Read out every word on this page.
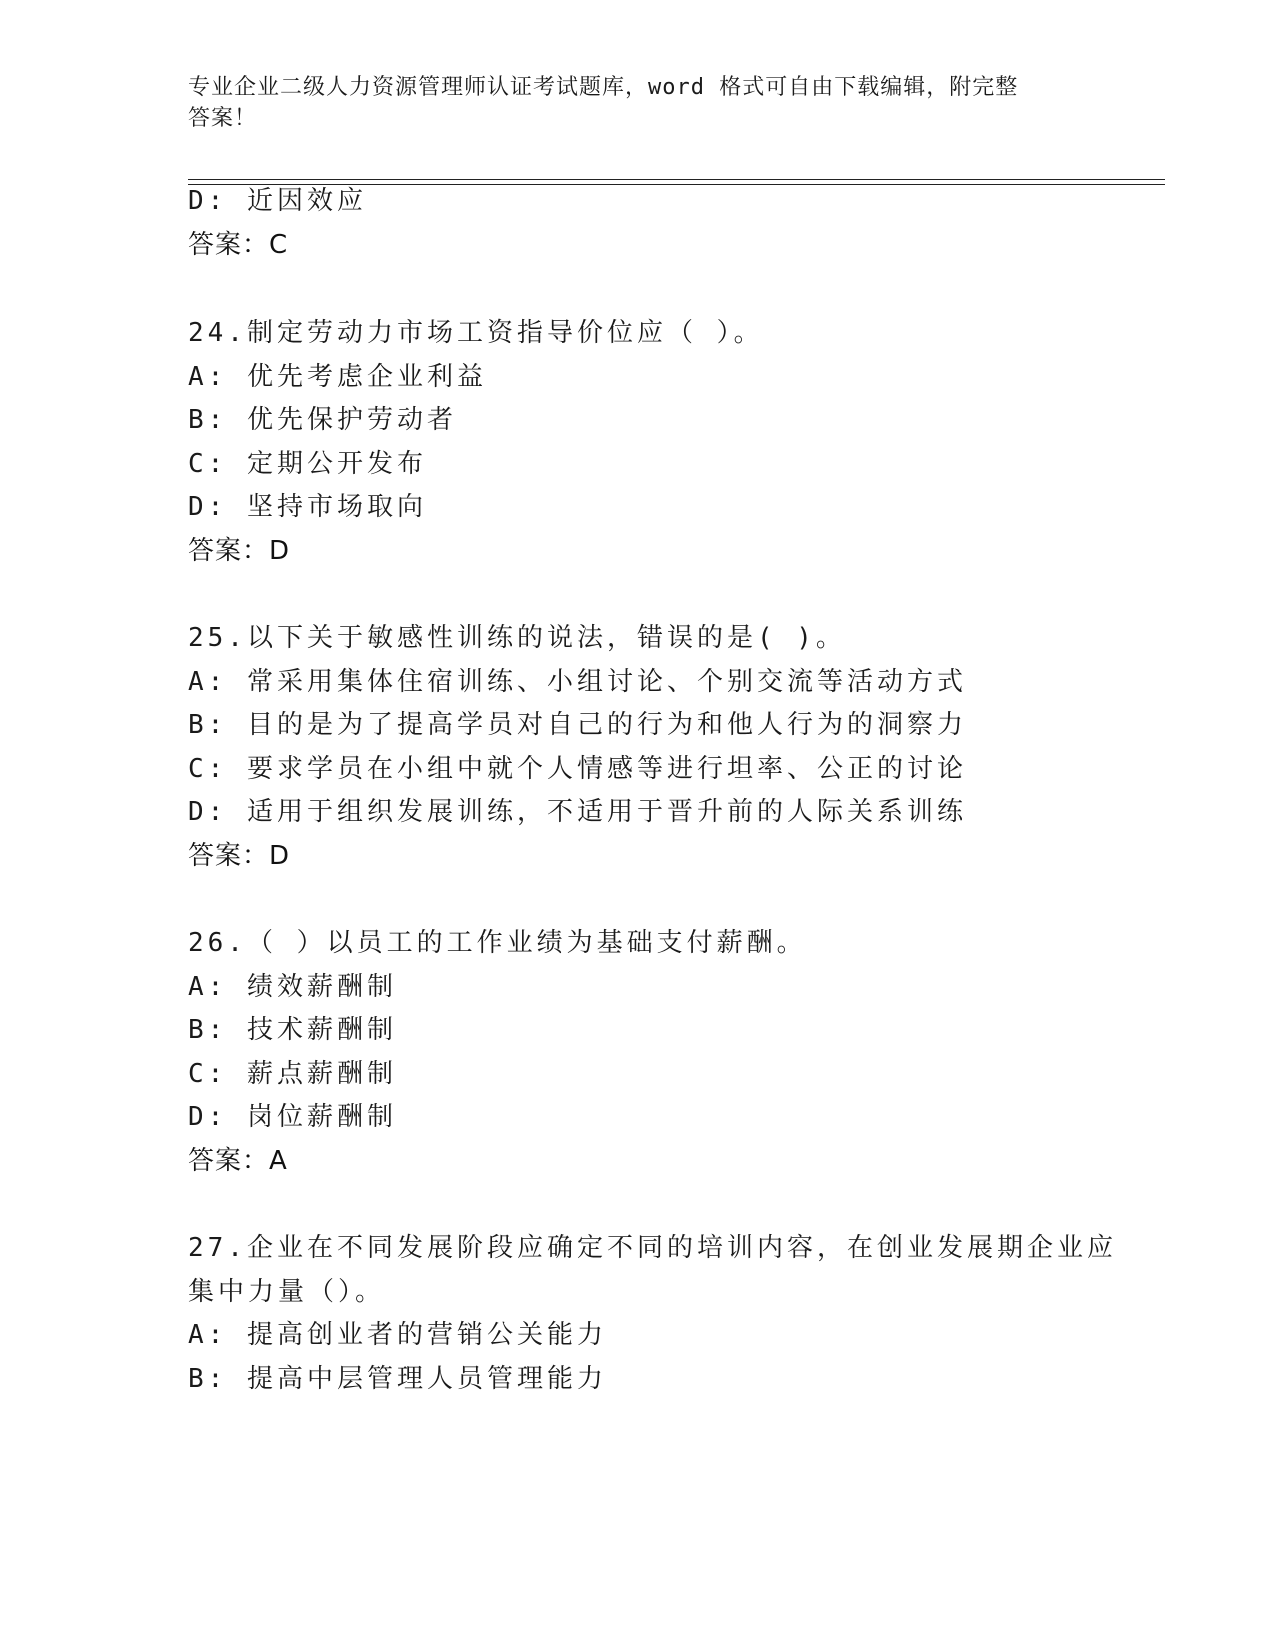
专业企业二级人力资源管理师认证考试题库，word 格式可自由下载编辑，附完整
答案！
D: 近因效应
答案：C
24.制定劳动力市场工资指导价位应（ ）。
A: 优先考虑企业利益
B: 优先保护劳动者
C: 定期公开发布
D: 坚持市场取向
答案：D
25.以下关于敏感性训练的说法，错误的是( )。
A: 常采用集体住宿训练、小组讨论、个别交流等活动方式
B: 目的是为了提高学员对自己的行为和他人行为的洞察力
C: 要求学员在小组中就个人情感等进行坦率、公正的讨论
D: 适用于组织发展训练，不适用于晋升前的人际关系训练
答案：D
26.（ ）以员工的工作业绩为基础支付薪酬。
A: 绩效薪酬制
B: 技术薪酬制
C: 薪点薪酬制
D: 岗位薪酬制
答案：A
27.企业在不同发展阶段应确定不同的培训内容，在创业发展期企业应
集中力量（）。
A: 提高创业者的营销公关能力
B: 提高中层管理人员管理能力
